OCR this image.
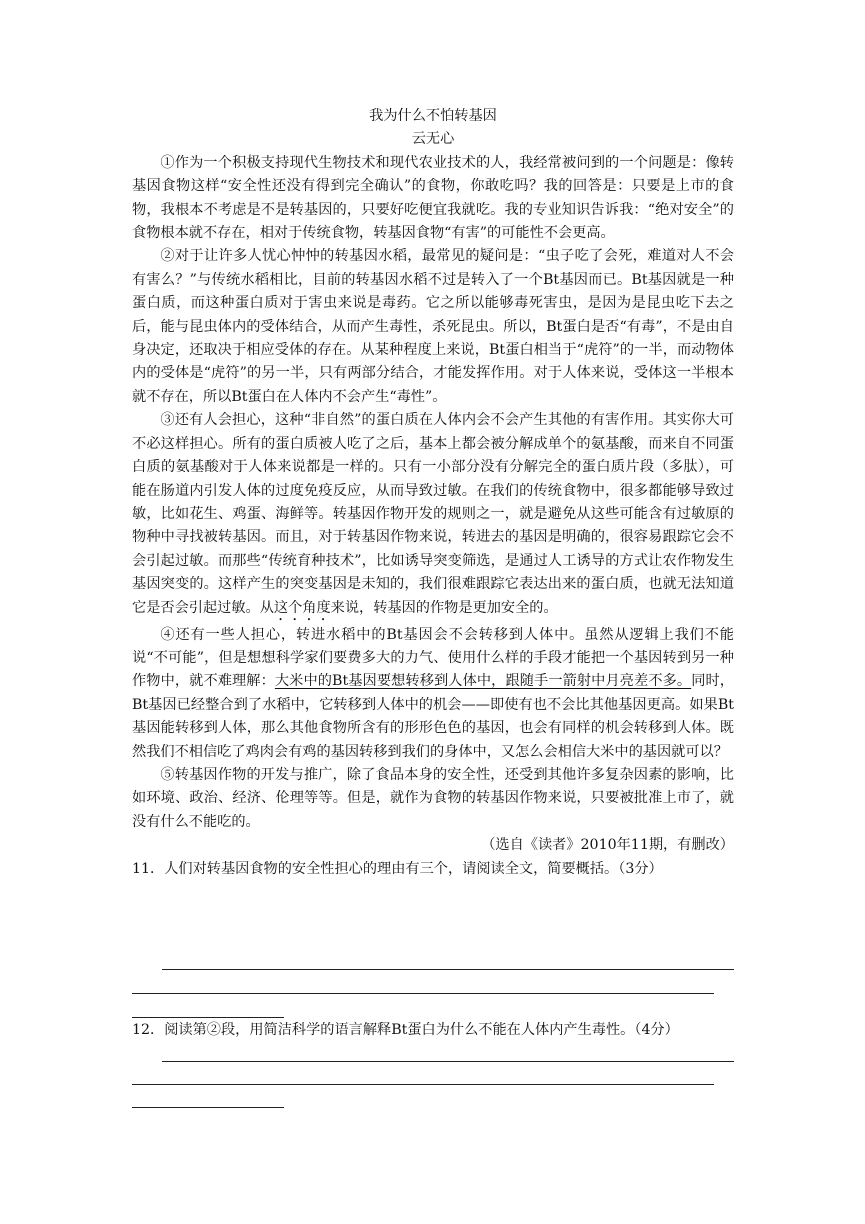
我为什么不怕转基因

云无心

①作为一个积极支持现代生物技术和现代农业技术的人，我经常被问到的一个问题是：像转基因食物这样“安全性还没有得到完全确认”的食物，你敢吃吗？我的回答是：只要是上市的食物，我根本不考虑是不是转基因的，只要好吃便宜我就吃。我的专业知识告诉我：“绝对安全”的食物根本就不存在，相对于传统食物，转基因食物“有害”的可能性不会更高。

②对于让许多人忧心忡忡的转基因水稻，最常见的疑问是：“虫子吃了会死，难道对人不会有害么？”与传统水稻相比，目前的转基因水稻不过是转入了一个Bt基因而已。Bt基因就是一种蛋白质，而这种蛋白质对于害虫来说是毒药。它之所以能够毒死害虫，是因为是昆虫吃下去之后，能与昆虫体内的受体结合，从而产生毒性，杀死昆虫。所以，Bt蛋白是否“有毒”，不是由自身决定，还取决于相应受体的存在。从某种程度上来说，Bt蛋白相当于“虎符”的一半，而动物体内的受体是“虎符”的另一半，只有两部分结合，才能发挥作用。对于人体来说，受体这一半根本就不存在，所以Bt蛋白在人体内不会产生“毒性”。

③还有人会担心，这种“非自然”的蛋白质在人体内会不会产生其他的有害作用。其实你大可不必这样担心。所有的蛋白质被人吃了之后，基本上都会被分解成单个的氨基酸，而来自不同蛋白质的氨基酸对于人体来说都是一样的。只有一小部分没有分解完全的蛋白质片段（多肽），可能在肠道内引发人体的过度免疫反应，从而导致过敏。在我们的传统食物中，很多都能够导致过敏，比如花生、鸡蛋、海鲜等。转基因作物开发的规则之一，就是避免从这些可能含有过敏原的物种中寻找被转基因。而且，对于转基因作物来说，转进去的基因是明确的，很容易跟踪它会不会引起过敏。而那些“传统育种技术”，比如诱导突变筛选，是通过人工诱导的方式让农作物发生基因突变的。这样产生的突变基因是未知的，我们很难跟踪它表达出来的蛋白质，也就无法知道它是否会引起过敏。从这个角度来说，转基因的作物是更加安全的。

④还有一些人担心，转进水稻中的Bt基因会不会转移到人体中。虽然从逻辑上我们不能说“不可能”，但是想想科学家们要费多大的力气、使用什么样的手段才能把一个基因转到另一种作物中，就不难理解：大米中的Bt基因要想转移到人体中，跟随手一箭射中月亮差不多。同时，Bt基因已经整合到了水稻中，它转移到人体中的机会——即使有也不会比其他基因更高。如果Bt基因能转移到人体，那么其他食物所含有的形形色色的基因，也会有同样的机会转移到人体。既然我们不相信吃了鸡肉会有鸡的基因转移到我们的身体中，又怎么会相信大米中的基因就可以？

⑤转基因作物的开发与推广，除了食品本身的安全性，还受到其他许多复杂因素的影响，比如环境、政治、经济、伦理等等。但是，就作为食物的转基因作物来说，只要被批准上市了，就没有什么不能吃的。

（选自《读者》2010年11期，有删改）

11．人们对转基因食物的安全性担心的理由有三个，请阅读全文，简要概括。（3分）

12．阅读第②段，用简洁科学的语言解释Bt蛋白为什么不能在人体内产生毒性。（4分）
